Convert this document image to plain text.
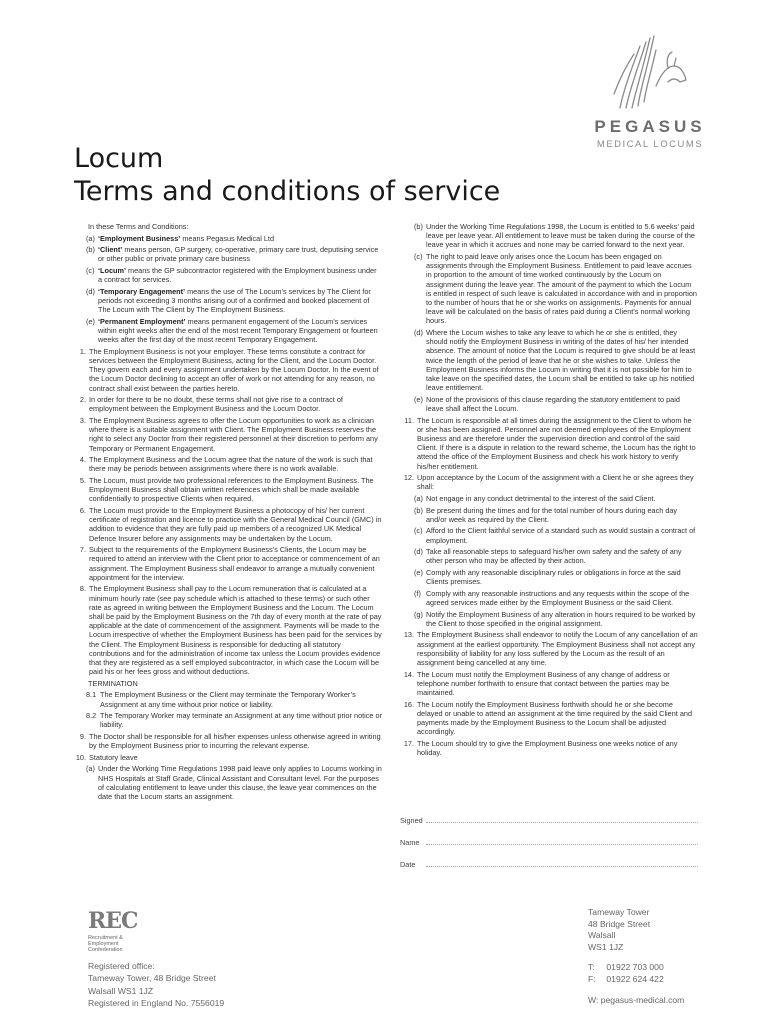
PEGASUS
MEDICAL LOCUMS
Locum
Terms and conditions of service
In these Terms and Conditions:
(a) ‘Employment Business’ means Pegasus Medical Ltd
(b) ‘Client’ means person, GP surgery, co-operative, primary care trust, deputising service or other public or private primary care business
(c) ‘Locum’ means the GP subcontractor registered with the Employment business under a contract for services.
(d) ‘Temporary Engagement’ means the use of The Locum’s services by The Client for periods not exceeding 3 months arising out of a confirmed and booked placement of The Locum with The Client by The Employment Business.
(e) ‘Permanent Employment’ means permanent engagement of the Locum’s services within eight weeks after the end of the most recent Temporary Engagement or fourteen weeks after the first day of the most recent Temporary Engagement.
1. The Employment Business is not your employer. These terms constitute a contract for services between the Employment Business, acting for the Client, and the Locum Doctor. They govern each and every assignment undertaken by the Locum Doctor. In the event of the Locum Doctor declining to accept an offer of work or not attending for any reason, no contract shall exist between the parties hereto.
2. In order for there to be no doubt, these terms shall not give rise to a contract of employment between the Employment Business and the Locum Doctor.
3. The Employment Business agrees to offer the Locum opportunities to work as a clinician where there is a suitable assignment with Client. The Employment Business reserves the right to select any Doctor from their registered personnel at their discretion to perform any Temporary or Permanent Engagement.
4. The Employment Business and the Locum agree that the nature of the work is such that there may be periods between assignments where there is no work available.
5. The Locum, must provide two professional references to the Employment Business. The Employment Business shall obtain written references which shall be made available confidentially to prospective Clients when required.
6. The Locum must provide to the Employment Business a photocopy of his/ her current certificate of registration and licence to practice with the General Medical Council (GMC) in addition to evidence that they are fully paid up members of a recognized UK Medical Defence Insurer before any assignments may be undertaken by the Locum.
7. Subject to the requirements of the Employment Business’s Clients, the Locum may be required to attend an interview with the Client prior to acceptance or commencement of an assignment. The Employment Business shall endeavor to arrange a mutually convenient appointment for the interview.
8. The Employment Business shall pay to the Locum remuneration that is calculated at a minimum hourly rate (see pay schedule which is attached to these terms) or such other rate as agreed in writing between the Employment Business and the Locum. The Locum shall be paid by the Employment Business on the 7th day of every month at the rate of pay applicable at the date of commencement of the assignment. Payments will be made to the Locum irrespective of whether the Employment Business has been paid for the services by the Client. The Employment Business is responsible for deducting all statutory contributions and for the administration of income tax unless the Locum provides evidence that they are registered as a self employed subcontractor, in which case the Locum will be paid his or her fees gross and without deductions.
TERMINATION
8.1 The Employment Business or the Client may terminate the Temporary Worker’s Assignment at any time without prior notice or liability.
8.2 The Temporary Worker may terminate an Assignment at any time without prior notice or liability.
9. The Doctor shall be responsible for all his/her expenses unless otherwise agreed in writing by the Employment Business prior to incurring the relevant expense.
10. Statutory leave
(a) Under the Working Time Regulations 1998 paid leave only applies to Locums working in NHS Hospitals at Staff Grade, Clinical Assistant and Consultant level. For the purposes of calculating entitlement to leave under this clause, the leave year commences on the date that the Locum starts an assignment.
(b) Under the Working Time Regulations 1998, the Locum is entitled to 5.6 weeks’ paid leave per leave year. All entitlement to leave must be taken during the course of the leave year in which it accrues and none may be carried forward to the next year.
(c) The right to paid leave only arises once the Locum has been engaged on assignments through the Employment Business. Entitlement to paid leave accrues in proportion to the amount of time worked continuously by the Locum on assignment during the leave year. The amount of the payment to which the Locum is entitled in respect of such leave is calculated in accordance with and in proportion to the number of hours that he or she works on assignments. Payments for annual leave will be calculated on the basis of rates paid during a Client’s normal working hours.
(d) Where the Locum wishes to take any leave to which he or she is entitled, they should notify the Employment Business in writing of the dates of his/ her intended absence. The amount of notice that the Locum is required to give should be at least twice the length of the period of leave that he or she wishes to take. Unless the Employment Business informs the Locum in writing that it is not possible for him to take leave on the specified dates, the Locum shall be entitled to take up his notified leave entitlement.
(e) None of the provisions of this clause regarding the statutory entitlement to paid leave shall affect the Locum.
11. The Locum is responsible at all times during the assignment to the Client to whom he or she has been assigned. Personnel are not deemed employees of the Employment Business and are therefore under the supervision direction and control of the said Client. If there is a dispute in relation to the reward scheme, the Locum has the right to attend the office of the Employment Business and check his work history to verify his/her entitlement.
12. Upon acceptance by the Locum of the assignment with a Client he or she agrees they shall:
(a) Not engage in any conduct detrimental to the interest of the said Client.
(b) Be present during the times and for the total number of hours during each day and/or week as required by the Client.
(c) Afford to the Client faithful service of a standard such as would sustain a contract of employment.
(d) Take all reasonable steps to safeguard his/her own safety and the safety of any other person who may be affected by their action.
(e) Comply with any reasonable disciplinary rules or obligations in force at the said Clients premises.
(f) Comply with any reasonable instructions and any requests within the scope of the agreed services made either by the Employment Business or the said Client.
(g) Notify the Employment Business of any alteration in hours required to be worked by the Client to those specified in the original assignment.
13. The Employment Business shall endeavor to notify the Locum of any cancellation of an assignment at the earliest opportunity. The Employment Business shall not accept any responsibility of liability for any loss suffered by the Locum as the result of an assignment being cancelled at any time.
14. The Locum must notify the Employment Business of any change of address or telephone number forthwith to ensure that contact between the parties may be maintained.
16. The Locum notify the Employment Business forthwith should he or she become delayed or unable to attend an assignment at the time required by the said Client and payments made by the Employment Business to the Locum shall be adjusted accordingly.
17. The Locum should try to give the Employment Business one weeks notice of any holiday.
Signed
Name
Date
REC
Recruitment & Employment Confederation
Registered office:
Tameway Tower, 48 Bridge Street
Walsall WS1 1JZ
Registered in England No. 7556019
Tameway Tower
48 Bridge Street
Walsall
WS1 1JZ
T: 01922 703 000
F: 01922 624 422
W: pegasus-medical.com
